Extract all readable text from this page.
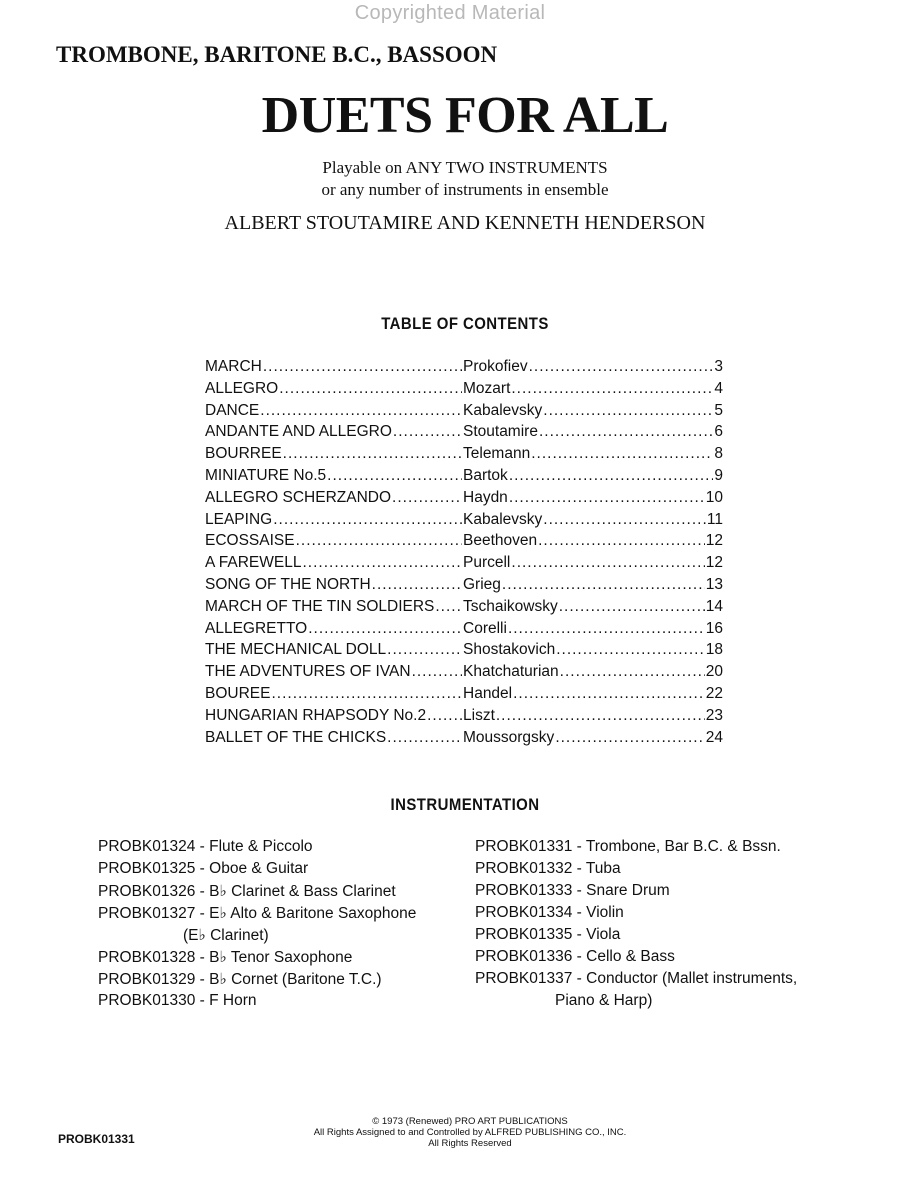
Copyrighted Material
TROMBONE, BARITONE B.C., BASSOON
DUETS FOR ALL
Playable on ANY TWO INSTRUMENTS
or any number of instruments in ensemble
ALBERT STOUTAMIRE AND KENNETH HENDERSON
TABLE OF CONTENTS
MARCH .....	Prokofiev .....	3
ALLEGRO .....	Mozart .....	4
DANCE .....	Kabalevsky .....	5
ANDANTE AND ALLEGRO .....	Stoutamire .....	6
BOURREE .....	Telemann .....	8
MINIATURE No.5 .....	Bartok .....	9
ALLEGRO SCHERZANDO .....	Haydn .....	10
LEAPING .....	Kabalevsky .....	11
ECOSSAISE .....	Beethoven .....	12
A FAREWELL .....	Purcell .....	12
SONG OF THE NORTH .....	Grieg .....	13
MARCH OF THE TIN SOLDIERS ..... Tschaikowsky .....	14
ALLEGRETTO .....	Corelli .....	16
THE MECHANICAL DOLL .....	Shostakovich .....	18
THE ADVENTURES OF IVAN .....	Khatchaturian .....	20
BOUREE .....	Handel .....	22
HUNGARIAN RHAPSODY No.2 ..... Liszt .....	23
BALLET OF THE CHICKS .....	Moussorgsky .....	24
INSTRUMENTATION
PROBK01324 - Flute & Piccolo
PROBK01325 - Oboe & Guitar
PROBK01326 - B♭ Clarinet & Bass Clarinet
PROBK01327 - E♭ Alto & Baritone Saxophone
(E♭ Clarinet)
PROBK01328 - B♭ Tenor Saxophone
PROBK01329 - B♭ Cornet (Baritone T.C.)
PROBK01330 - F Horn
PROBK01331 - Trombone, Bar B.C. & Bssn.
PROBK01332 - Tuba
PROBK01333 - Snare Drum
PROBK01334 - Violin
PROBK01335 - Viola
PROBK01336 - Cello & Bass
PROBK01337 - Conductor (Mallet instruments,
Piano & Harp)
PROBK01331
© 1973 (Renewed) PRO ART PUBLICATIONS
All Rights Assigned to and Controlled by ALFRED PUBLISHING CO., INC.
All Rights Reserved
